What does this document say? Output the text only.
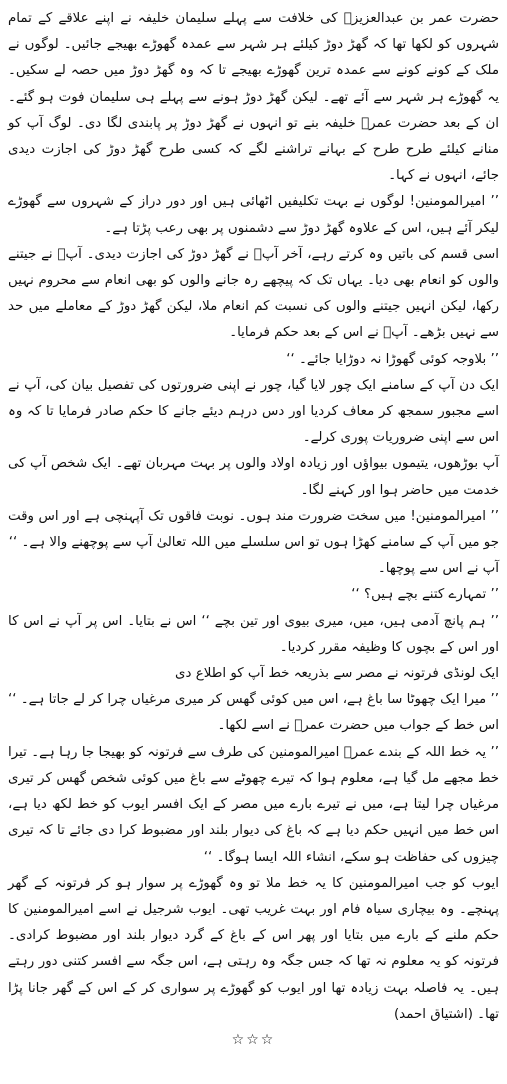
حضرت عمر بن عبدالعزیزؒ کی خلافت سے پہلے سلیمان خلیفہ نے اپنے علاقے کے تمام شہروں کو لکھا تھا کہ گھڑ دوڑ کیلئے ہر شہر سے عمدہ گھوڑے بھیجے جائیں۔ لوگوں نے ملک کے کونے کونے سے عمدہ ترین گھوڑے بھیجے تا کہ وہ گھڑ دوڑ میں حصہ لے سکیں۔ یہ گھوڑے ہر شہر سے آئے تھے۔ لیکن گھڑ دوڑ ہونے سے پہلے ہی سلیمان فوت ہو گئے۔ ان کے بعد حضرت عمرؒ خلیفہ بنے تو انہوں نے گھڑ دوڑ پر پابندی لگا دی۔ لوگ آپ کو منانے کیلئے طرح طرح کے بہانے تراشنے لگے کہ کسی طرح گھڑ دوڑ کی اجازت دیدی جائے، انہوں نے کہا۔

’’ امیرالمومنین! لوگوں نے بہت تکلیفیں اٹھائی ہیں اور دور دراز کے شہروں سے گھوڑے لیکر آئے ہیں، اس کے علاوہ گھڑ دوڑ سے دشمنوں پر بھی رعب پڑتا ہے۔

اسی قسم کی باتیں وہ کرتے رہے، آخر آپؒ نے گھڑ دوڑ کی اجازت دیدی۔ آپؒ نے جیتنے والوں کو انعام بھی دیا۔ یہاں تک کہ پیچھے رہ جانے والوں کو بھی انعام سے محروم نہیں رکھا، لیکن انہیں جیتنے والوں کی نسبت کم انعام ملا، لیکن گھڑ دوڑ کے معاملے میں حد سے نہیں بڑھے۔ آپؒ نے اس کے بعد حکم فرمایا۔

’’ بلاوجہ کوئی گھوڑا نہ دوڑایا جائے۔ ‘‘

ایک دن آپ کے سامنے ایک چور لایا گیا، چور نے اپنی ضرورتوں کی تفصیل بیان کی، آپ نے اسے مجبور سمجھ کر معاف کردیا اور دس درہم دیئے جانے کا حکم صادر فرمایا تا کہ وہ اس سے اپنی ضروریات پوری کرلے۔

آپ بوڑھوں، یتیموں بیواؤں اور زیادہ اولاد والوں پر بہت مہربان تھے۔ ایک شخص آپ کی خدمت میں حاضر ہوا اور کہنے لگا۔

’’ امیرالمومنین! میں سخت ضرورت مند ہوں۔ نوبت فاقوں تک آپہنچی ہے اور اس وقت جو میں آپ کے سامنے کھڑا ہوں تو اس سلسلے میں اللہ تعالیٰ آپ سے پوچھنے والا ہے۔ ‘‘

آپ نے اس سے پوچھا۔

’’ تمہارے کتنے بچے ہیں؟ ‘‘

’’ ہم پانچ آدمی ہیں، میں، میری بیوی اور تین بچے ‘‘ اس نے بتایا۔ اس پر آپ نے اس کا اور اس کے بچوں کا وظیفہ مقرر کردیا۔

ایک لونڈی فرتونہ نے مصر سے بذریعہ خط آپ کو اطلاع دی

’’ میرا ایک چھوٹا سا باغ ہے، اس میں کوئی گھس کر میری مرغیاں چرا کر لے جاتا ہے۔ ‘‘ اس خط کے جواب میں حضرت عمرؒ نے اسے لکھا۔

’’ یہ خط اللہ کے بندے عمرؒ امیرالمومنین کی طرف سے فرتونہ کو بھیجا جا رہا ہے۔ تیرا خط مجھے مل گیا ہے، معلوم ہوا کہ تیرے چھوٹے سے باغ میں کوئی شخص گھس کر تیری مرغیاں چرا لیتا ہے، میں نے تیرے بارے میں مصر کے ایک افسر ایوب کو خط لکھ دیا ہے، اس خط میں انہیں حکم دیا ہے کہ باغ کی دیوار بلند اور مضبوط کرا دی جائے تا کہ تیری چیزوں کی حفاظت ہو سکے، انشاء اللہ ایسا ہوگا۔ ‘‘

ایوب کو جب امیرالمومنین کا یہ خط ملا تو وہ گھوڑے پر سوار ہو کر فرتونہ کے گھر پہنچے۔ وہ بیچاری سیاہ فام اور بہت غریب تھی۔ ایوب شرجیل نے اسے امیرالمومنین کا حکم ملنے کے بارے میں بتایا اور پھر اس کے باغ کے گرد دیوار بلند اور مضبوط کرادی۔ فرتونہ کو یہ معلوم نہ تھا کہ جس جگہ وہ رہتی ہے، اس جگہ سے افسر کتنی دور رہتے ہیں۔ یہ فاصلہ بہت زیادہ تھا اور ایوب کو گھوڑے پر سواری کر کے اس کے گھر جانا پڑا تھا۔ (اشتیاق احمد)

☆☆☆
